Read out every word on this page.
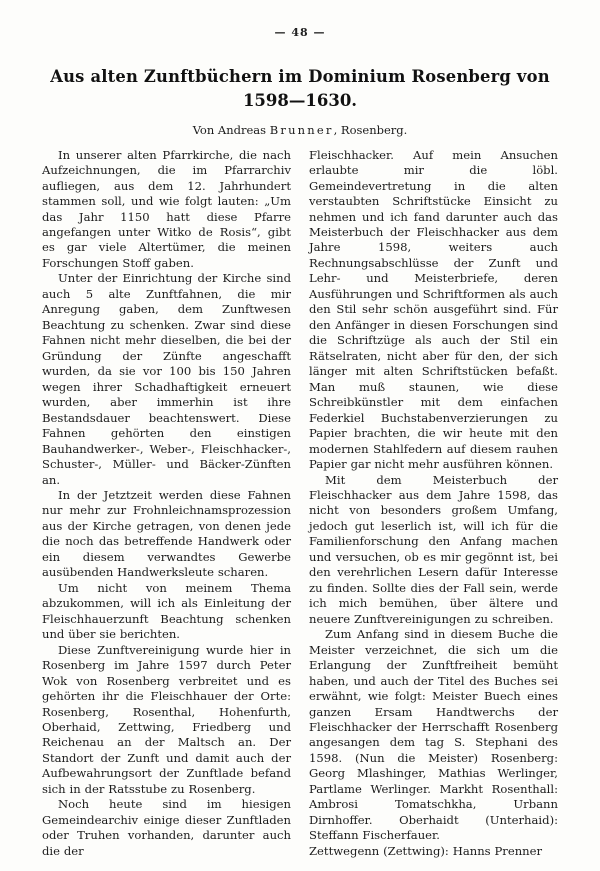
— 48 —
Aus alten Zunftbüchern im Dominium Rosenberg von
1598—1630.
Von Andreas Brunner, Rosenberg.

In unserer alten Pfarrkirche, die nach Aufzeichnungen, die im Pfarrarchiv aufliegen, aus dem 12. Jahrhundert stammen soll, und wie folgt lauten: „Um das Jahr 1150 hatt diese Pfarre angefangen unter Witko de Rosis“, gibt es gar viele Altertümer, die meinen Forschungen Stoff gaben.

Unter der Einrichtung der Kirche sind auch 5 alte Zunftfahnen, die mir Anregung gaben, dem Zunftwesen Beachtung zu schenken. Zwar sind diese Fahnen nicht mehr dieselben, die bei der Gründung der Zünfte angeschafft wurden, da sie vor 100 bis 150 Jahren wegen ihrer Schadhaftigkeit erneuert wurden, aber immerhin ist ihre Bestandsdauer beachtenswert. Diese Fahnen gehörten den einstigen Bauhandwerker-, Weber-, Fleischhacker-, Schuster-, Müller- und Bäcker-Zünften an.

In der Jetztzeit werden diese Fahnen nur mehr zur Frohnleichnamsprozession aus der Kirche getragen, von denen jede die noch das betreffende Handwerk oder ein diesem verwandtes Gewerbe ausübenden Handwerksleute scharen.

Um nicht von meinem Thema abzukommen, will ich als Einleitung der Fleischhauerzunft Beachtung schenken und über sie berichten.

Diese Zunftvereinigung wurde hier in Rosenberg im Jahre 1597 durch Peter Wok von Rosenberg verbreitet und es gehörten ihr die Fleischhauer der Orte: Rosenberg, Rosenthal, Hohenfurth, Oberhaid, Zettwing, Friedberg und Reichenau an der Maltsch an. Der Standort der Zunft und damit auch der Aufbewahrungsort der Zunftlade befand sich in der Ratsstube zu Rosenberg.

Noch heute sind im hiesigen Gemeindearchiv einige dieser Zunftladen oder Truhen vorhanden, darunter auch die der

Fleischhacker. Auf mein Ansuchen erlaubte mir die löbl. Gemeindevertretung in die alten verstaubten Schriftstücke Einsicht zu nehmen und ich fand darunter auch das Meisterbuch der Fleischhacker aus dem Jahre 1598, weiters auch Rechnungsabschlüsse der Zunft und Lehr- und Meisterbriefe, deren Ausführungen und Schriftformen als auch den Stil sehr schön ausgeführt sind. Für den Anfänger in diesen Forschungen sind die Schriftzüge als auch der Stil ein Rätselraten, nicht aber für den, der sich länger mit alten Schriftstücken befaßt. Man muß staunen, wie diese Schreibkünstler mit dem einfachen Federkiel Buchstabenverzierungen zu Papier brachten, die wir heute mit den modernen Stahlfedern auf diesem rauhen Papier gar nicht mehr ausführen können.

Mit dem Meisterbuch der Fleischhacker aus dem Jahre 1598, das nicht von besonders großem Umfang, jedoch gut leserlich ist, will ich für die Familienforschung den Anfang machen und versuchen, ob es mir gegönnt ist, bei den verehrlichen Lesern dafür Interesse zu finden. Sollte dies der Fall sein, werde ich mich bemühen, über ältere und neuere Zunftvereinigungen zu schreiben.

Zum Anfang sind in diesem Buche die Meister verzeichnet, die sich um die Erlangung der Zunftfreiheit bemüht haben, und auch der Titel des Buches sei erwähnt, wie folgt: Meister Buech eines ganzen Ersam Handtwerchs der Fleischhacker der Herrschafft Rosenberg angesangen dem tag S. Stephani des 1598. (Nun die Meister) Rosenberg: Georg Mlashinger, Mathias Werlinger, Partlame Werlinger. Markht Rosenthall: Ambrosi Tomatschkha, Urbann Dirnhoffer. Oberhaidt (Unterhaid): Steffann Fischerfauer.

Zettwegenn (Zettwing): Hanns Prenner
